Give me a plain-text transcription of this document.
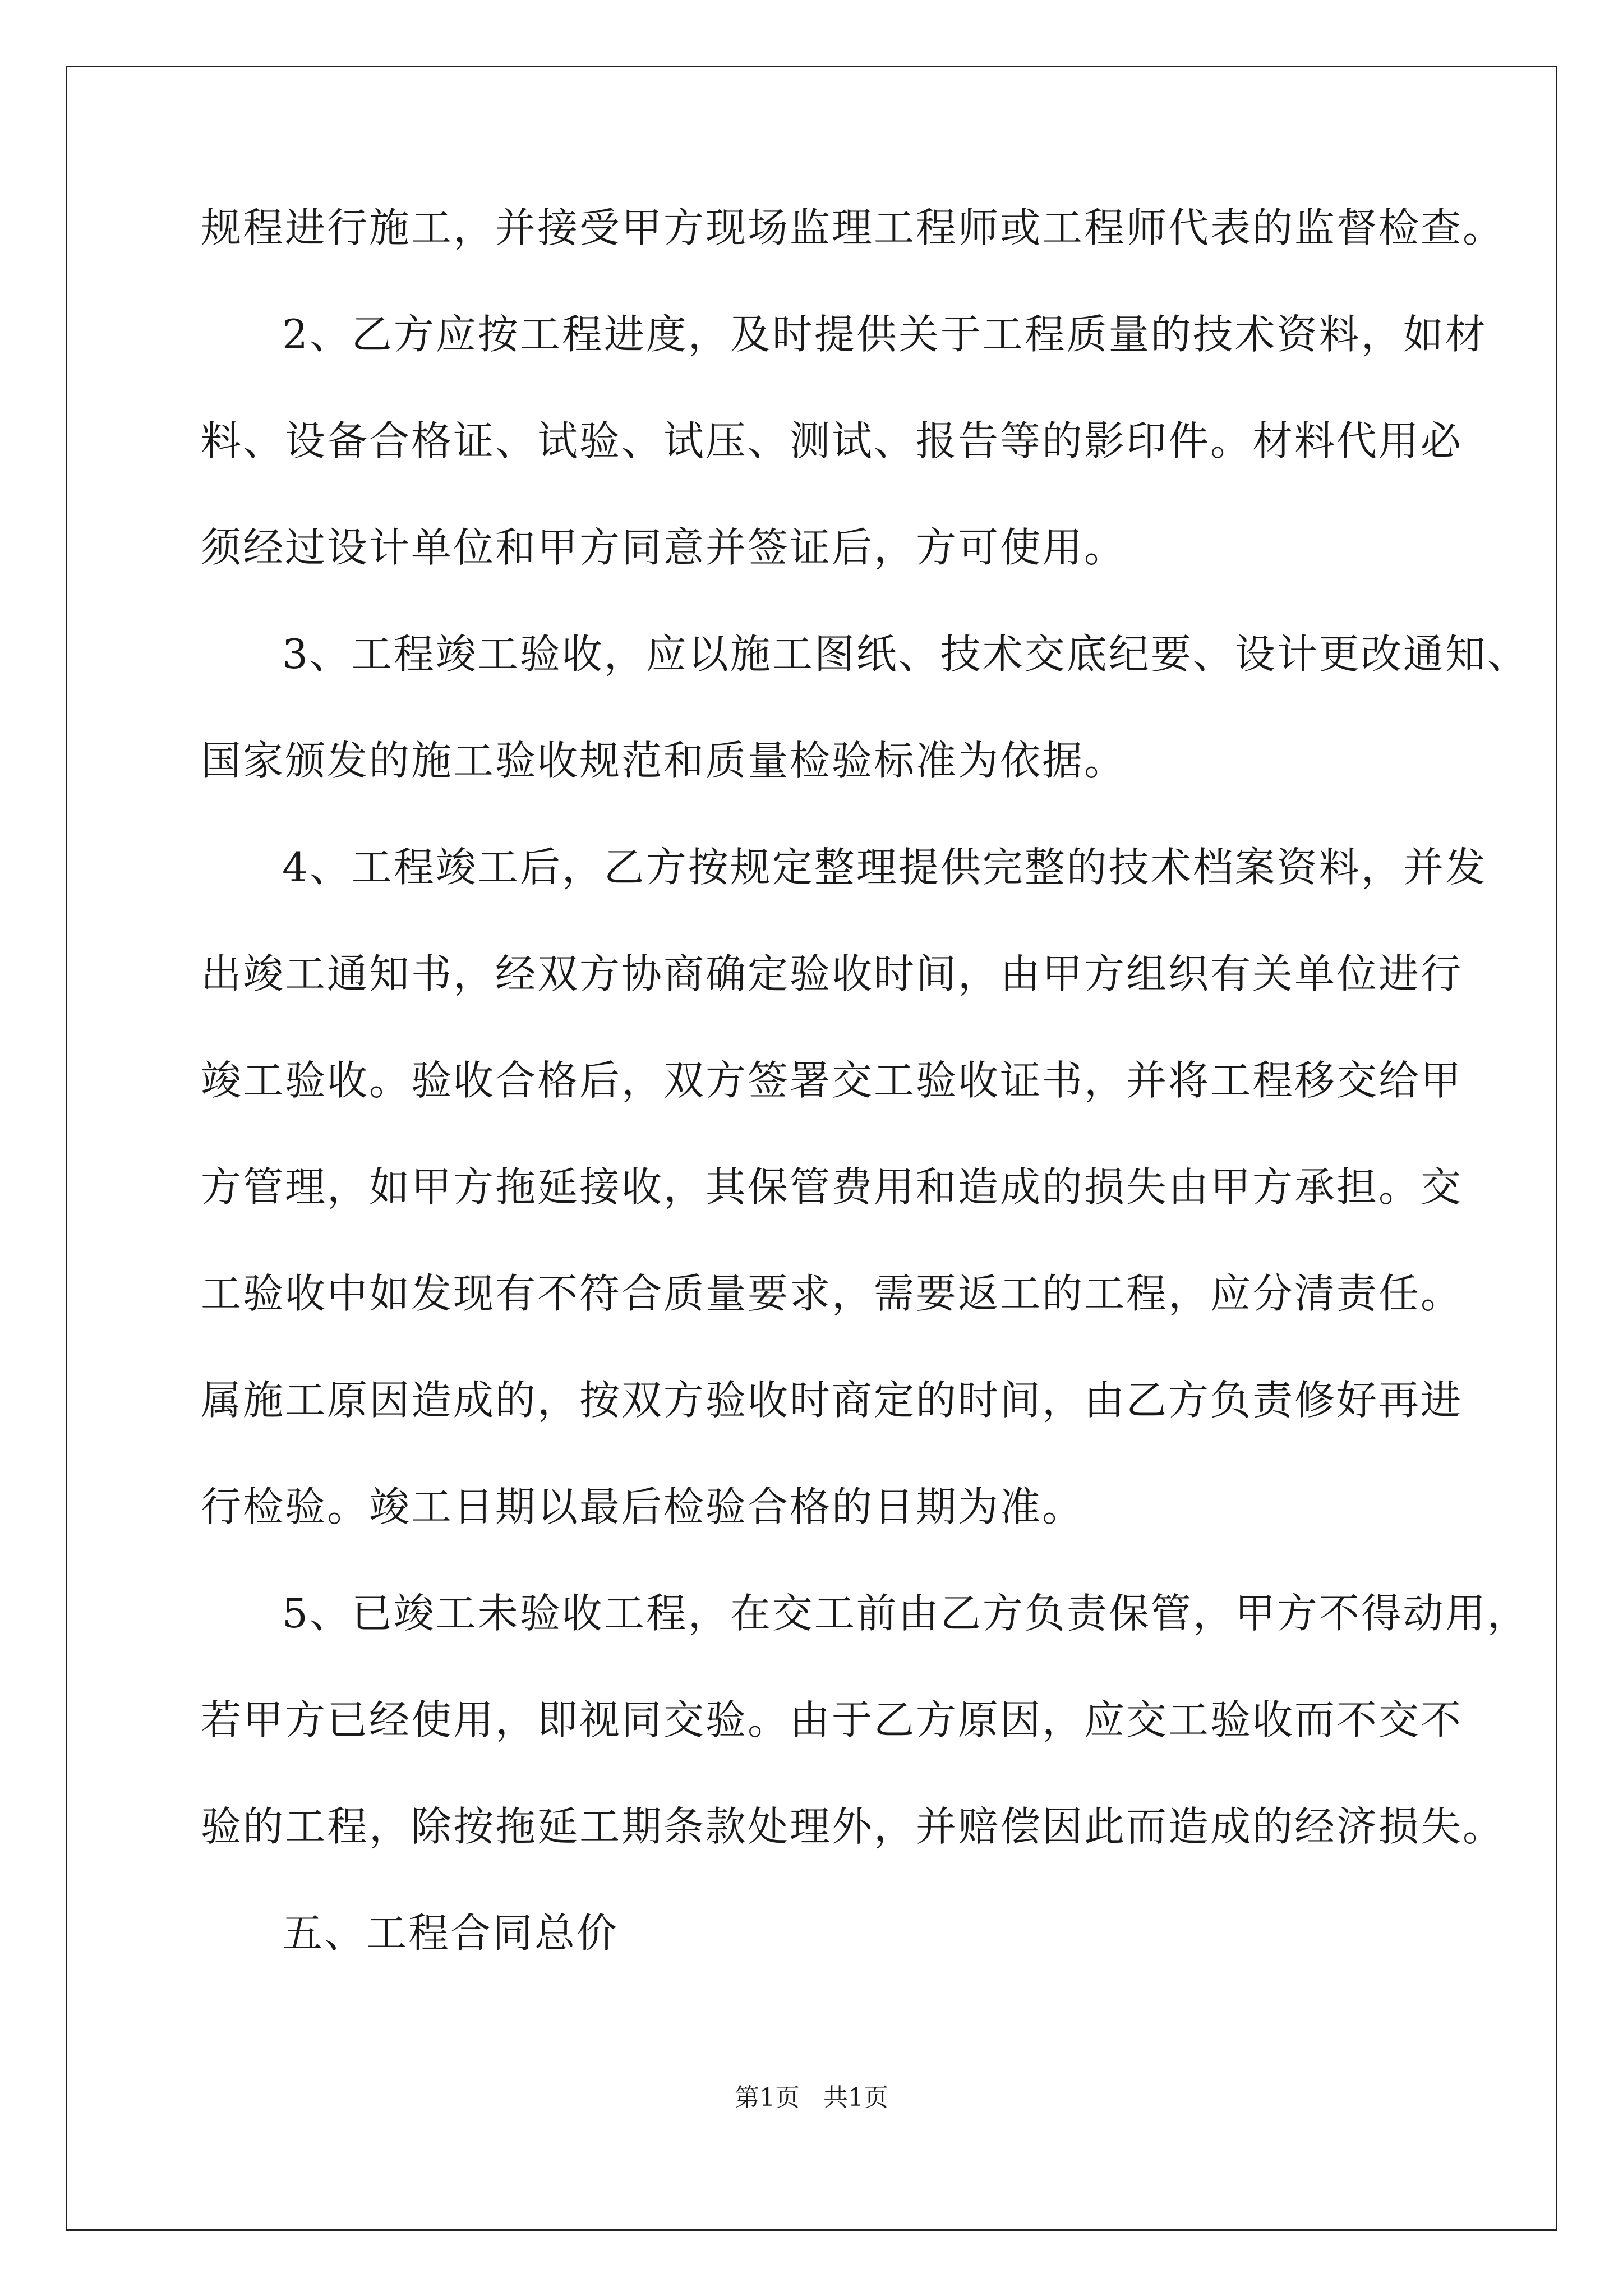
规程进行施工，并接受甲方现场监理工程师或工程师代表的监督检查。
2、乙方应按工程进度，及时提供关于工程质量的技术资料，如材
料、设备合格证、试验、试压、测试、报告等的影印件。材料代用必
须经过设计单位和甲方同意并签证后，方可使用。
3、工程竣工验收，应以施工图纸、技术交底纪要、设计更改通知、
国家颁发的施工验收规范和质量检验标准为依据。
4、工程竣工后，乙方按规定整理提供完整的技术档案资料，并发
出竣工通知书，经双方协商确定验收时间，由甲方组织有关单位进行
竣工验收。验收合格后，双方签署交工验收证书，并将工程移交给甲
方管理，如甲方拖延接收，其保管费用和造成的损失由甲方承担。交
工验收中如发现有不符合质量要求，需要返工的工程，应分清责任。
属施工原因造成的，按双方验收时商定的时间，由乙方负责修好再进
行检验。竣工日期以最后检验合格的日期为准。
5、已竣工未验收工程，在交工前由乙方负责保管，甲方不得动用，
若甲方已经使用，即视同交验。由于乙方原因，应交工验收而不交不
验的工程，除按拖延工期条款处理外，并赔偿因此而造成的经济损失。
五、工程合同总价
第1页   共1页
